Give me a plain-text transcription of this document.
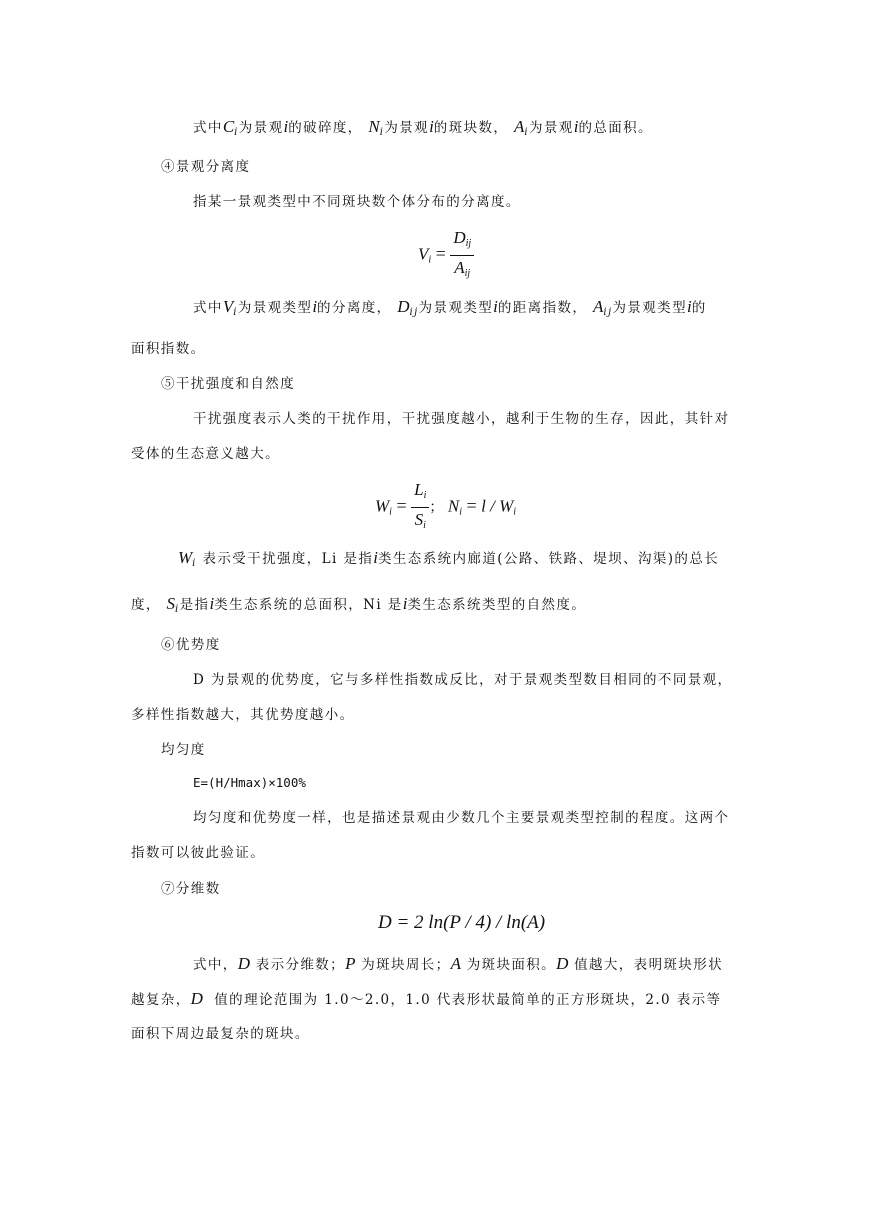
式中$C_i$为景观i的破碎度， $N_i$为景观i的斑块数， $A_i$为景观i的总面积。
④景观分离度
指某一景观类型中不同斑块数个体分布的分离度。
$V_i = \frac{D_{ij}}{A_{ij}}$
式中$V_i$为景观类型i的分离度， $D_{ij}$为景观类型i的距离指数， $A_{ij}$为景观类型i的
面积指数。
⑤干扰强度和自然度
干扰强度表示人类的干扰作用，干扰强度越小，越利于生物的生存，因此，其针对
受体的生态意义越大。
$W_i = \frac{L_i}{S_i}$ ； $N_i = l / W_i$
$W_i$ 表示受干扰强度，Li 是指i类生态系统内廊道(公路、铁路、堤坝、沟渠)的总长
度， $S_i$是指i类生态系统的总面积，Ni 是i类生态系统类型的自然度。
⑥优势度
D 为景观的优势度，它与多样性指数成反比，对于景观类型数目相同的不同景观，
多样性指数越大，其优势度越小。
均匀度
E=(H/Hmax)×100%
均匀度和优势度一样，也是描述景观由少数几个主要景观类型控制的程度。这两个
指数可以彼此验证。
⑦分维数
D = 2 ln(P / 4) / ln(A)
式中，D 表示分维数；P 为斑块周长；A 为斑块面积。D 值越大，表明斑块形状
越复杂，D 值的理论范围为 1.0～2.0，1.0 代表形状最简单的正方形斑块，2.0 表示等
面积下周边最复杂的斑块。
